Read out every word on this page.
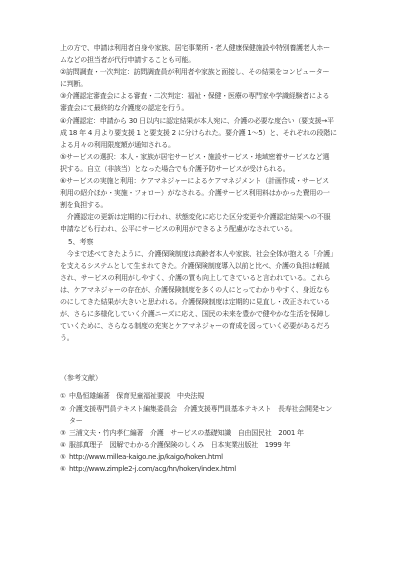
上の方で、申請は利用者自身や家族、居宅事業所・老人健康保健施設や特別養護老人ホー
ムなどの担当者が代行申請することも可能。
②訪問調査・一次判定：訪問調査員が利用者や家族と面接し、その結果をコンピューター
に判断。
③介護認定審査会による審査・二次判定：福祉・保健・医療の専門家や学識経験者による
審査会にて最終的な介護度の認定を行う。
④介護認定：申請から 30 日以内に認定結果が本人宛に、介護の必要な度合い（要支援→平
成 18 年 4 月より要支援 1 と要支援 2 に分けられた。要介護 1～5）と、それぞれの段階に
よる月々の利用限度額が通知される。
⑤サービスの選択：本人・家族が居宅サービス・施設サービス・地域密着サービスなど選
択する。自立（非該当）となった場合でも介護予防サービスが受けられる。
⑥サービスの実施と利用：ケアマネジャーによるケアマネジメント（計画作成・サービス
利用の紹介ほか・実施・フォロー）がなされる。介護サービス利用料はかかった費用の一
割を負担する。
　介護認定の更新は定期的に行われ、状態変化に応じた区分変更や介護認定結果への不服
申請なども行われ、公平にサービスの利用ができるよう配慮がなされている。

5、考察

　今まで述べてきたように、介護保険制度は高齢者本人や家族、社会全体が抱える「介護」
を支えるシステムとして生まれてきた。介護保険制度導入以前と比べ、介護の負担は軽減
され、サービスの利用がしやすく、介護の質も向上してきていると言われている。これら
は、ケアマネジャーの存在が、介護保険制度を多くの人にとってわかりやすく、身近なも
のにしてきた結果が大きいと思われる。介護保険制度は定期的に見直し・改正されている
が、さらに多様化していく介護ニーズに応え、国民の未来を豊かで健やかな生活を保障し
ていくために、さらなる制度の充実とケアマネジャーの育成を図っていく必要があるだろ
う。

（参考文献）

① 中島恒雄編著　保育児童福祉要説　中央法規

② 介護支援専門員テキスト編集委員会　介護支援専門員基本テキスト　長寿社会開発セン

ター

③ 三浦文夫・竹内孝仁編著　介護　サービスの基礎知識　自由国民社　2001 年

④ 服部真理子　図解でわかる介護保険のしくみ　日本実業出版社　1999 年

⑤ http://www.millea-kaigo.ne.jp/kaigo/hoken.html

⑥ http://www.zimple2-j.com/acg/hn/hoken/index.html
